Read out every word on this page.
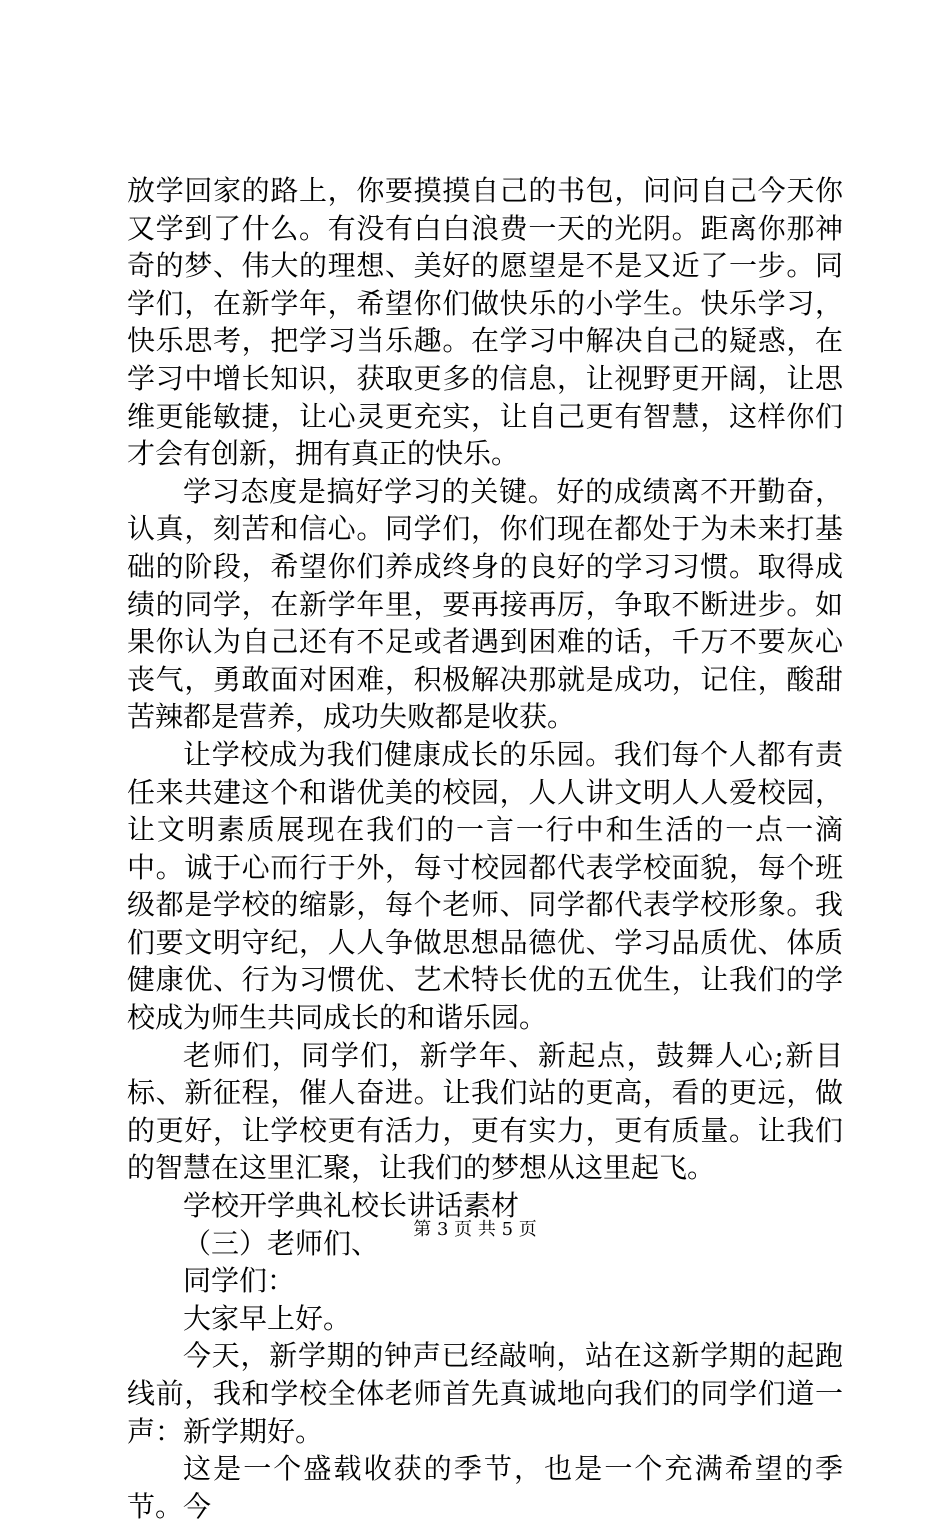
放学回家的路上，你要摸摸自己的书包，问问自己今天你又学到了什么。有没有白白浪费一天的光阴。距离你那神奇的梦、伟大的理想、美好的愿望是不是又近了一步。同学们，在新学年，希望你们做快乐的小学生。快乐学习，快乐思考，把学习当乐趣。在学习中解决自己的疑惑，在学习中增长知识，获取更多的信息，让视野更开阔，让思维更能敏捷，让心灵更充实，让自己更有智慧，这样你们才会有创新，拥有真正的快乐。

学习态度是搞好学习的关键。好的成绩离不开勤奋，认真，刻苦和信心。同学们，你们现在都处于为未来打基础的阶段，希望你们养成终身的良好的学习习惯。取得成绩的同学，在新学年里，要再接再厉，争取不断进步。如果你认为自己还有不足或者遇到困难的话，千万不要灰心丧气，勇敢面对困难，积极解决那就是成功，记住，酸甜苦辣都是营养，成功失败都是收获。

让学校成为我们健康成长的乐园。我们每个人都有责任来共建这个和谐优美的校园，人人讲文明人人爱校园，让文明素质展现在我们的一言一行中和生活的一点一滴中。诚于心而行于外，每寸校园都代表学校面貌，每个班级都是学校的缩影，每个老师、同学都代表学校形象。我们要文明守纪，人人争做思想品德优、学习品质优、体质健康优、行为习惯优、艺术特长优的五优生，让我们的学校成为师生共同成长的和谐乐园。

老师们，同学们，新学年、新起点，鼓舞人心;新目标、新征程，催人奋进。让我们站的更高，看的更远，做的更好，让学校更有活力，更有实力，更有质量。让我们的智慧在这里汇聚，让我们的梦想从这里起飞。

学校开学典礼校长讲话素材

（三）老师们、

同学们：

大家早上好。

今天，新学期的钟声已经敲响，站在这新学期的起跑线前，我和学校全体老师首先真诚地向我们的同学们道一声：新学期好。

这是一个盛载收获的季节，也是一个充满希望的季节。今

第 3 页 共 5 页
